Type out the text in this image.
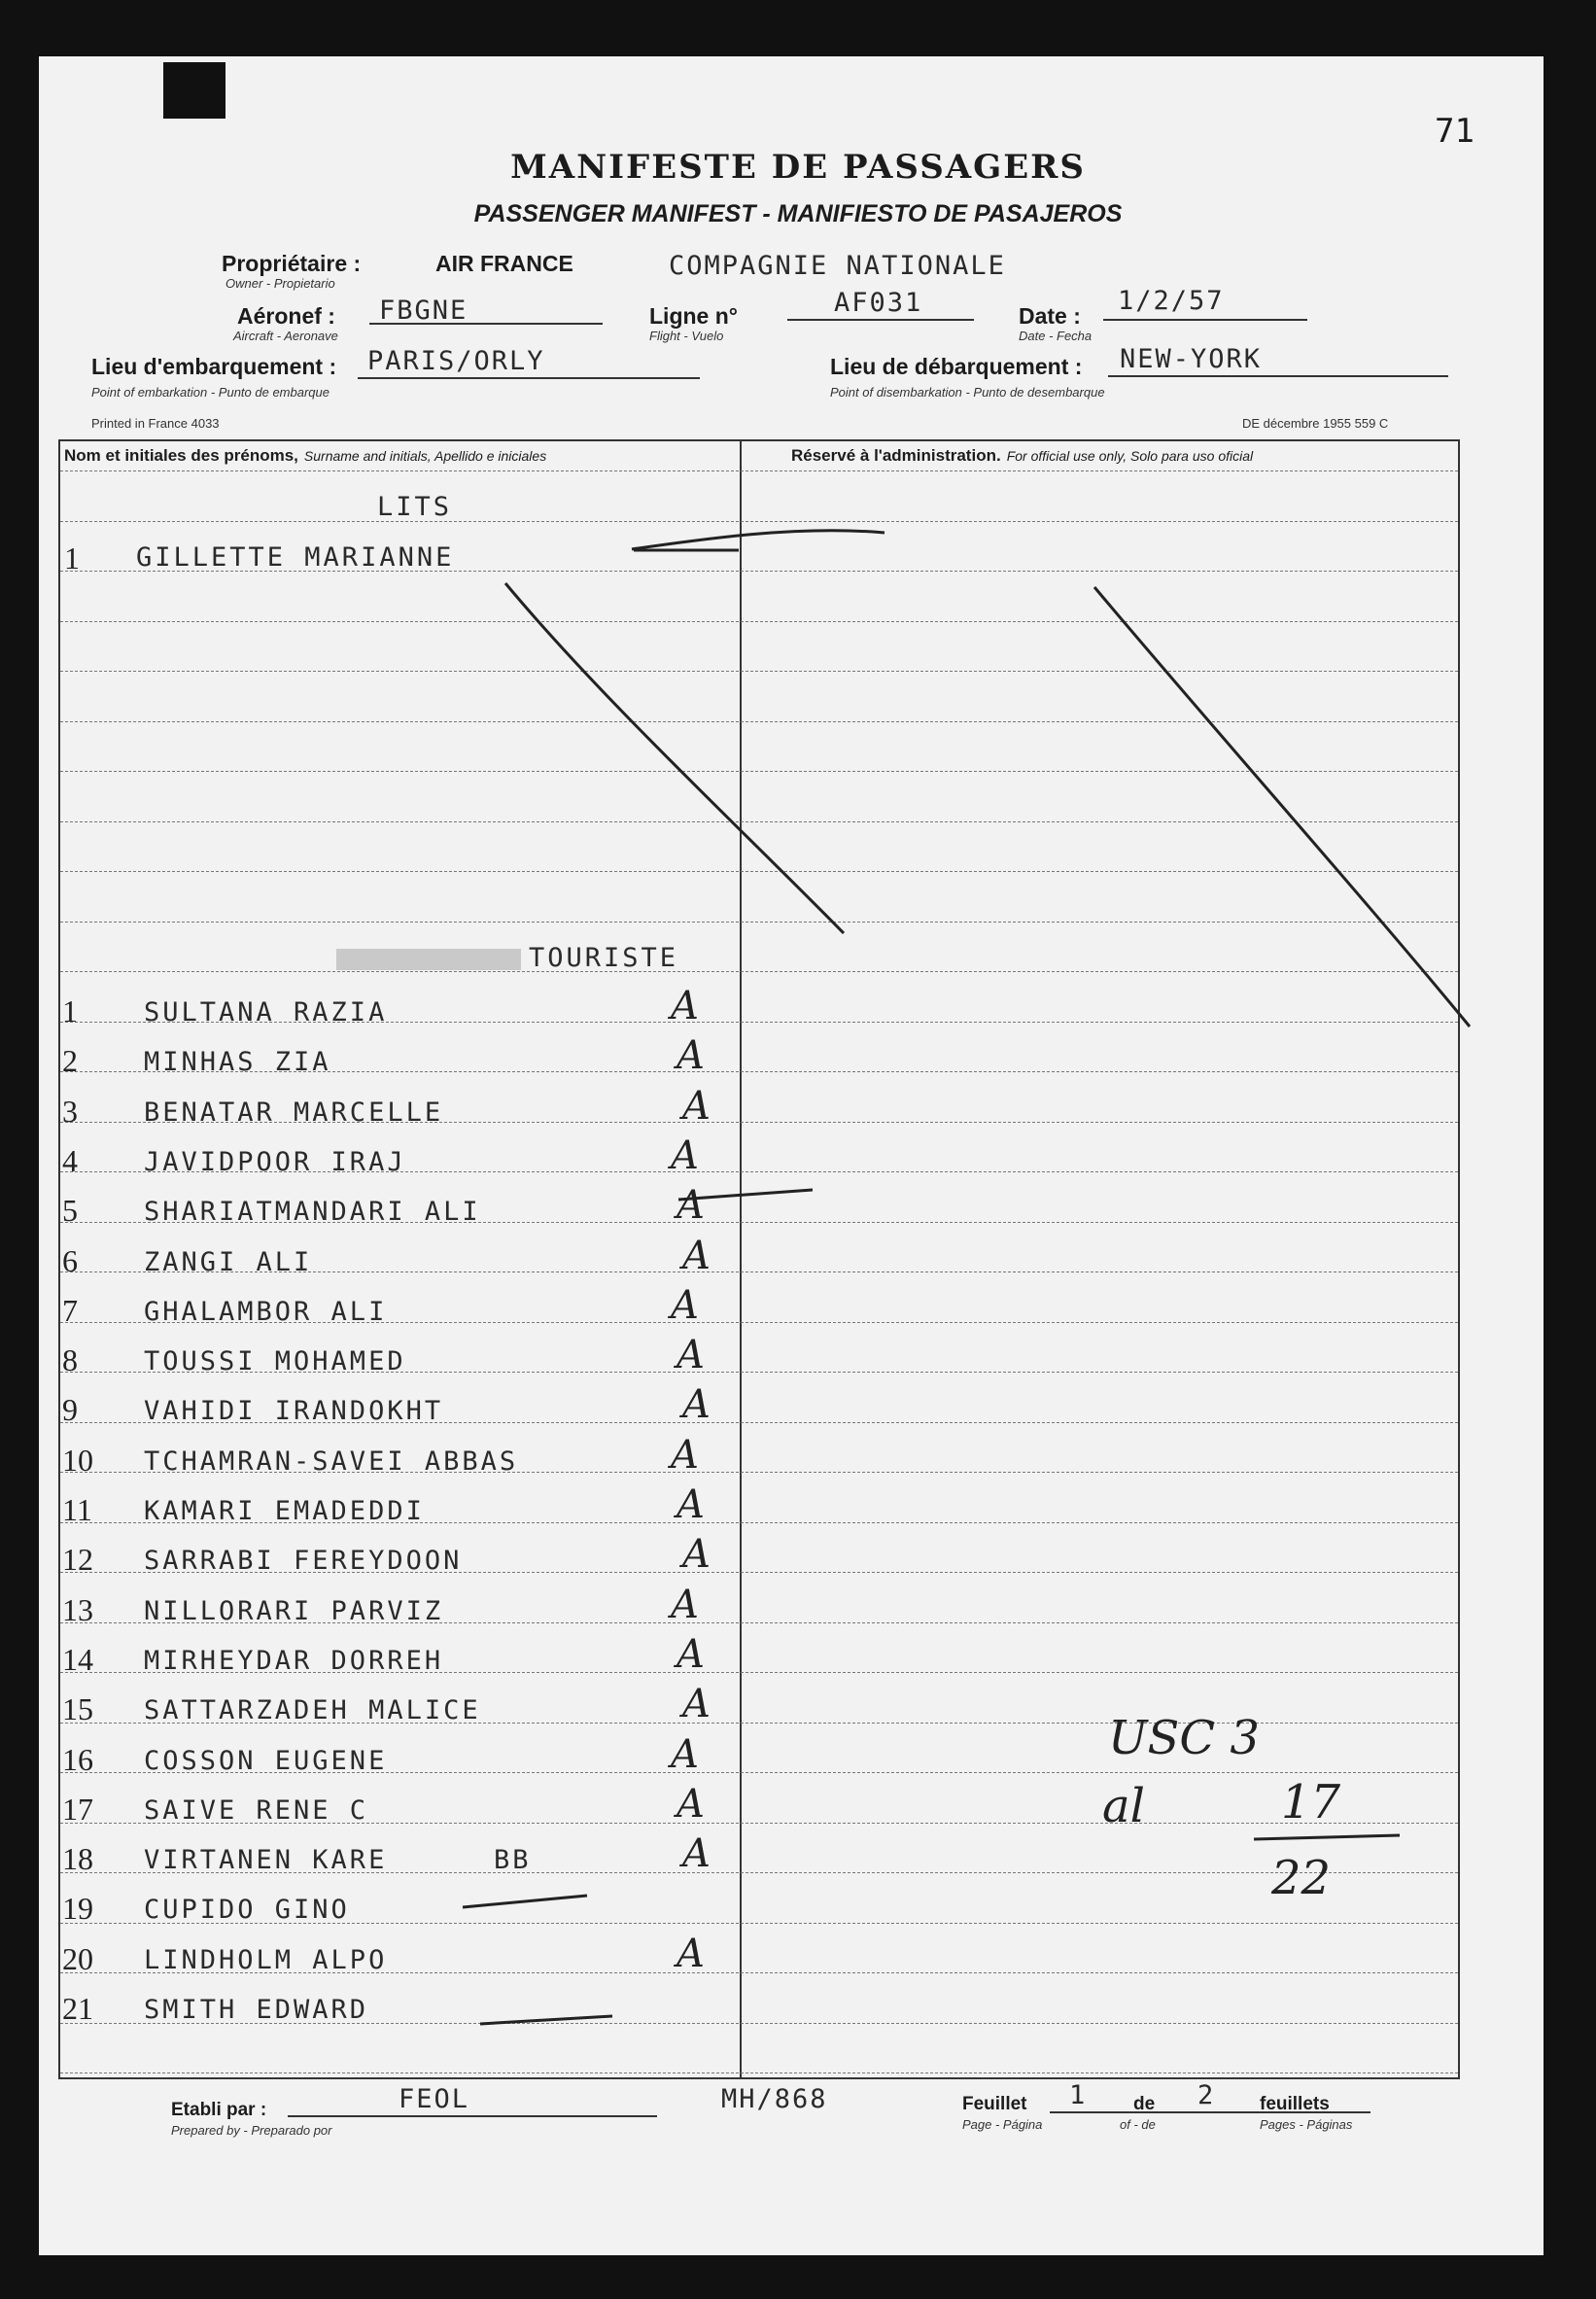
71
MANIFESTE DE PASSAGERS
PASSENGER MANIFEST - MANIFIESTO DE PASAJEROS
Propriétaire :
Owner - Propietario
AIR FRANCE	COMPAGNIE NATIONALE
Aéronef :
Aircraft - Aeronave
FBGNE	Ligne n°
Flight - Vuelo
AF031	Date :
Date - Fecha
1/2/57
Lieu d'embarquement :
Point of embarkation - Punto de embarque
PARIS/ORLY	Lieu de débarquement :
Point of disembarkation - Punto de desembarque
NEW-YORK
Printed in France 4033	DE décembre 1955 559 C
Nom et initiales des prénoms, Surname and initials, Apellido e iniciales	Réservé à l'administration. For official use only, Solo para uso oficial
LITS
1 GILLETTE MARIANNE
TOURISTE
1	SULTANA RAZIA	A
2	MINHAS ZIA	A
3	BENATAR MARCELLE	A
4	JAVIDPOOR IRAJ	A
5	SHARIATMANDARI ALI	A
6	ZANGI ALI	A
7	GHALAMBOR ALI	A
8	TOUSSI MOHAMED	A
9	VAHIDI IRANDOKHT	A
10 TCHAMRAN-SAVEI ABBAS	A
11 KAMARI EMADEDDI	A
12 SARRABI FEREYDOON	A
13 NILLORARI PARVIZ	A
14 MIRHEYDAR DORREH	A
15 SATTARZADEH MALICE	A
16 COSSON EUGENE	A
17 SAIVE RENE C	A
18 VIRTANEN KARE	BB	A
19 CUPIDO GINO
20 LINDHOLM ALPO	A
21 SMITH EDWARD
USC 3
al	17
22
Etabli par :
Prepared by - Preparado por
FEOL	MH/868	Feuillet
Page - Página
1	de
of - de
2 feuillets
Pages - Páginas
